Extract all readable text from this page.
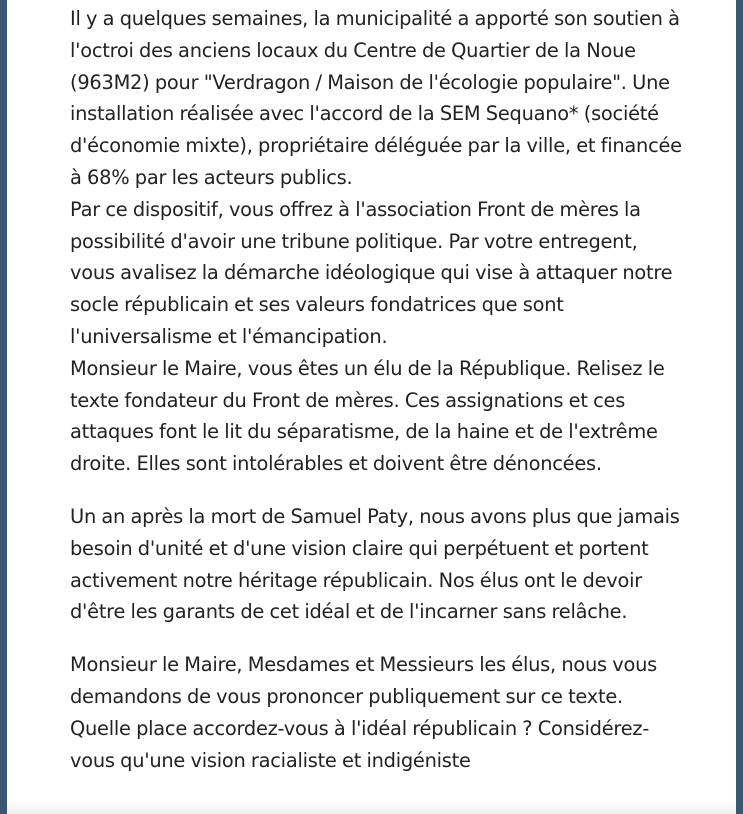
Il y a quelques semaines, la municipalité a apporté son soutien à l'octroi des anciens locaux du Centre de Quartier de la Noue (963M2) pour "Verdragon / Maison de l'écologie populaire". Une installation réalisée avec l'accord de la SEM Sequano* (société d'économie mixte), propriétaire déléguée par la ville, et financée à 68% par les acteurs publics.

Par ce dispositif, vous offrez à l'association Front de mères la possibilité d'avoir une tribune politique. Par votre entregent, vous avalisez la démarche idéologique qui vise à attaquer notre socle républicain et ses valeurs fondatrices que sont l'universalisme et l'émancipation.

Monsieur le Maire, vous êtes un élu de la République. Relisez le texte fondateur du Front de mères. Ces assignations et ces attaques font le lit du séparatisme, de la haine et de l'extrême droite. Elles sont intolérables et doivent être dénoncées.

Un an après la mort de Samuel Paty, nous avons plus que jamais besoin d'unité et d'une vision claire qui perpétuent et portent activement notre héritage républicain. Nos élus ont le devoir d'être les garants de cet idéal et de l'incarner sans relâche.

Monsieur le Maire, Mesdames et Messieurs les élus, nous vous demandons de vous prononcer publiquement sur ce texte. Quelle place accordez-vous à l'idéal républicain ? Considérez-vous qu'une vision racialiste et indigéniste
